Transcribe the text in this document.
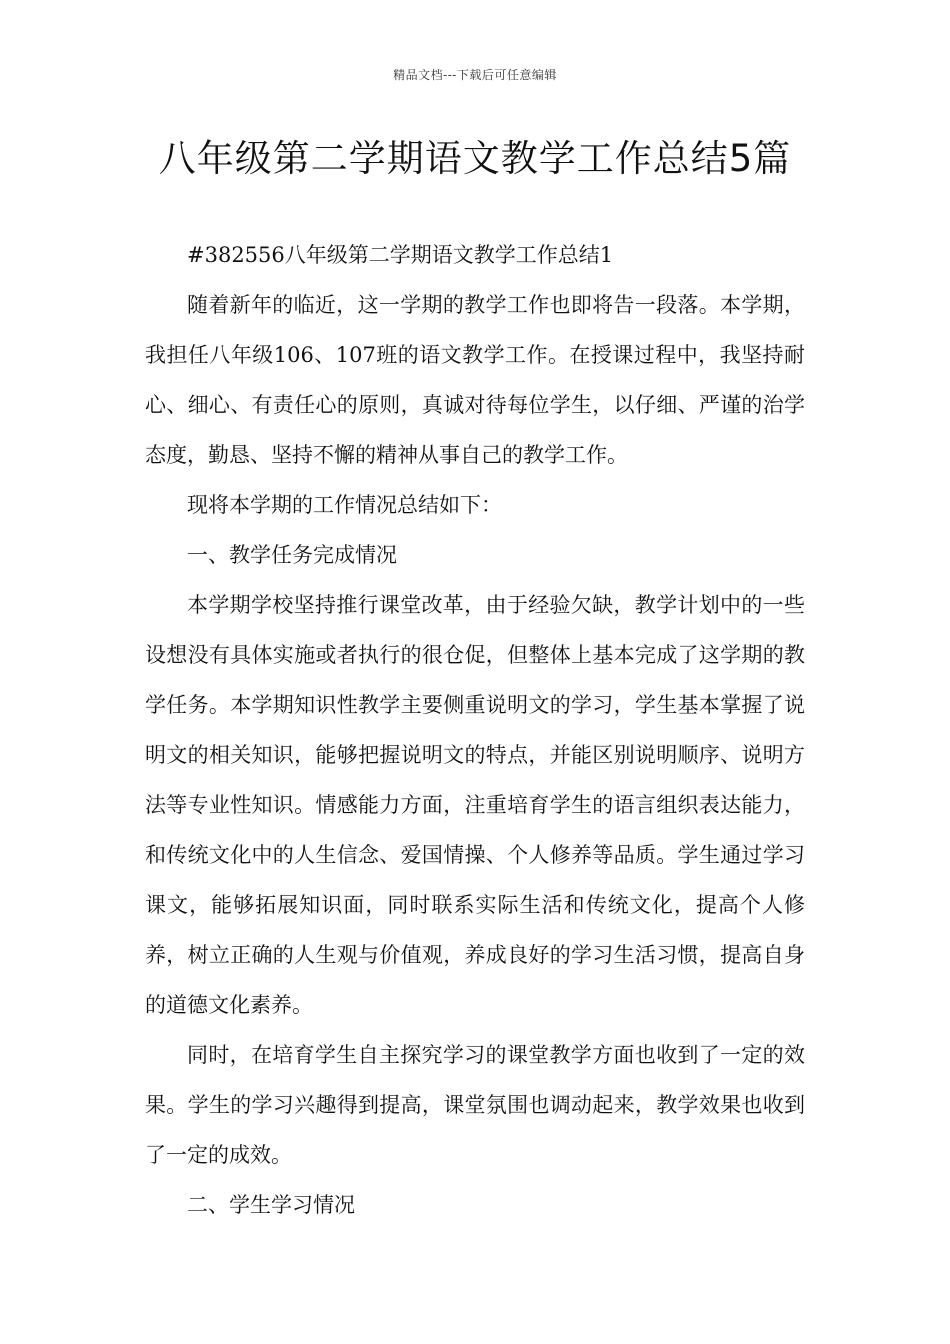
精品文档---下载后可任意编辑
八年级第二学期语文教学工作总结5篇

#382556八年级第二学期语文教学工作总结1

随着新年的临近，这一学期的教学工作也即将告一段落。本学期，我担任八年级106、107班的语文教学工作。在授课过程中，我坚持耐心、细心、有责任心的原则，真诚对待每位学生，以仔细、严谨的治学态度，勤恳、坚持不懈的精神从事自己的教学工作。

现将本学期的工作情况总结如下：

一、教学任务完成情况

本学期学校坚持推行课堂改革，由于经验欠缺，教学计划中的一些设想没有具体实施或者执行的很仓促，但整体上基本完成了这学期的教学任务。本学期知识性教学主要侧重说明文的学习，学生基本掌握了说明文的相关知识，能够把握说明文的特点，并能区别说明顺序、说明方法等专业性知识。情感能力方面，注重培育学生的语言组织表达能力，和传统文化中的人生信念、爱国情操、个人修养等品质。学生通过学习课文，能够拓展知识面，同时联系实际生活和传统文化，提高个人修养，树立正确的人生观与价值观，养成良好的学习生活习惯，提高自身的道德文化素养。

同时，在培育学生自主探究学习的课堂教学方面也收到了一定的效果。学生的学习兴趣得到提高，课堂氛围也调动起来，教学效果也收到了一定的成效。

二、学生学习情况
